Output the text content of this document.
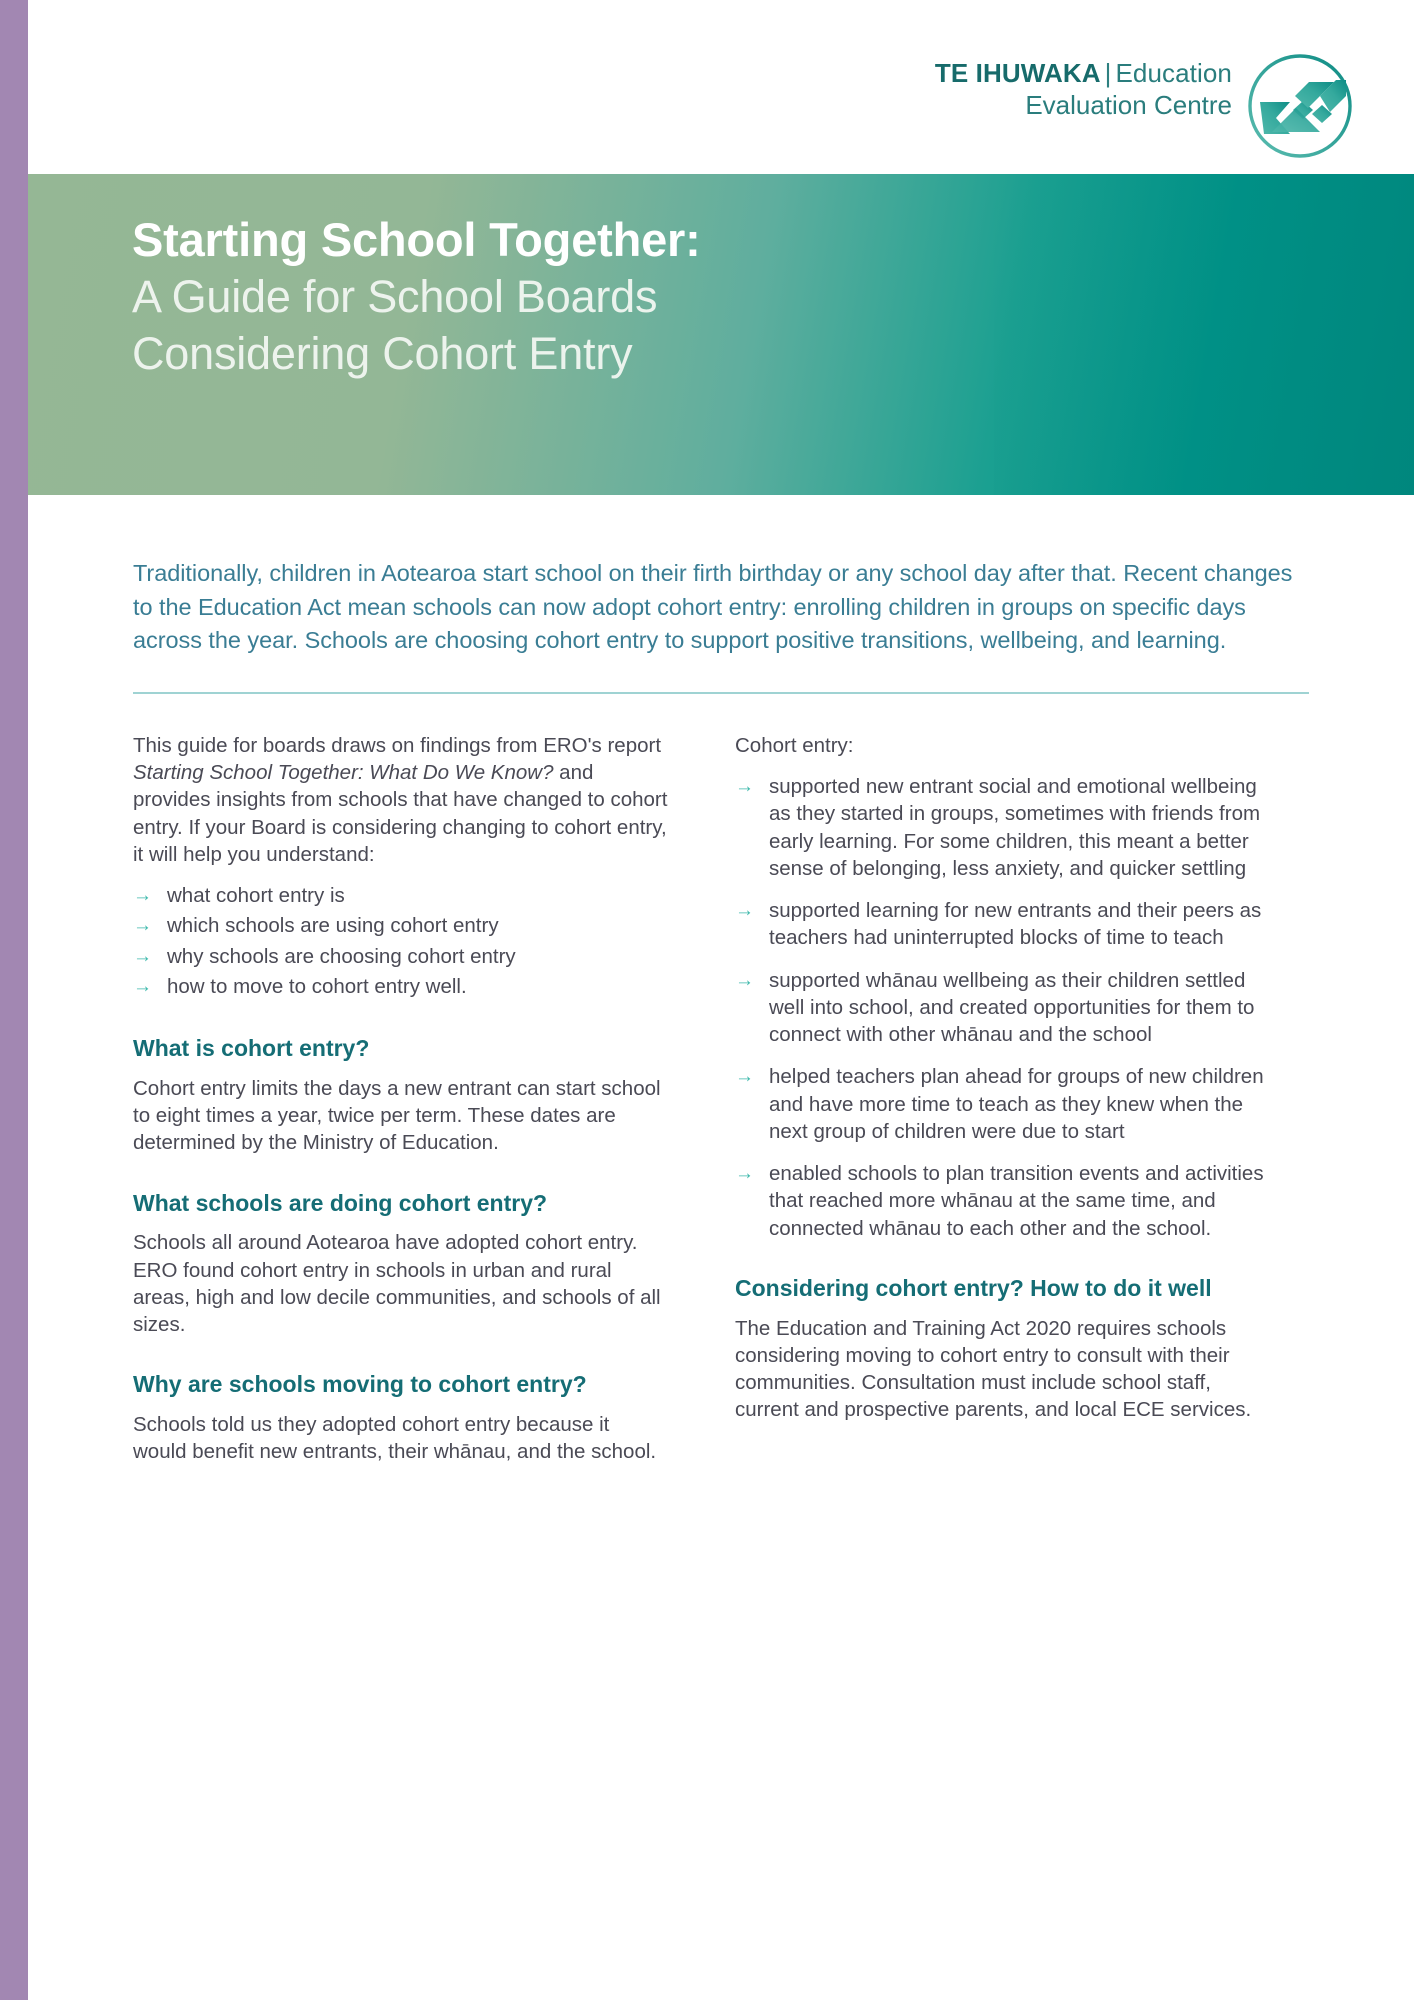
TE IHUWAKA | Education
Evaluation Centre
Starting School Together:
A Guide for School Boards
Considering Cohort Entry

Traditionally, children in Aotearoa start school on their firth birthday or any school day after that. Recent changes to the Education Act mean schools can now adopt cohort entry: enrolling children in groups on specific days across the year. Schools are choosing cohort entry to support positive transitions, wellbeing, and learning.

This guide for boards draws on findings from ERO's report Starting School Together: What Do We Know? and provides insights from schools that have changed to cohort entry. If your Board is considering changing to cohort entry, it will help you understand:

→ what cohort entry is
→ which schools are using cohort entry
→ why schools are choosing cohort entry
→ how to move to cohort entry well.
What is cohort entry?

Cohort entry limits the days a new entrant can start school to eight times a year, twice per term. These dates are determined by the Ministry of Education.

What schools are doing cohort entry?

Schools all around Aotearoa have adopted cohort entry. ERO found cohort entry in schools in urban and rural areas, high and low decile communities, and schools of all sizes.

Why are schools moving to cohort entry?

Schools told us they adopted cohort entry because it would benefit new entrants, their whānau, and the school.

Cohort entry:

→ supported new entrant social and emotional wellbeing as they started in groups, sometimes with friends from early learning. For some children, this meant a better sense of belonging, less anxiety, and quicker settling
→ supported learning for new entrants and their peers as teachers had uninterrupted blocks of time to teach
→ supported whānau wellbeing as their children settled well into school, and created opportunities for them to connect with other whānau and the school
→ helped teachers plan ahead for groups of new children and have more time to teach as they knew when the next group of children were due to start
→ enabled schools to plan transition events and activities that reached more whānau at the same time, and connected whānau to each other and the school.
Considering cohort entry? How to do it well

The Education and Training Act 2020 requires schools considering moving to cohort entry to consult with their communities. Consultation must include school staff, current and prospective parents, and local ECE services.
